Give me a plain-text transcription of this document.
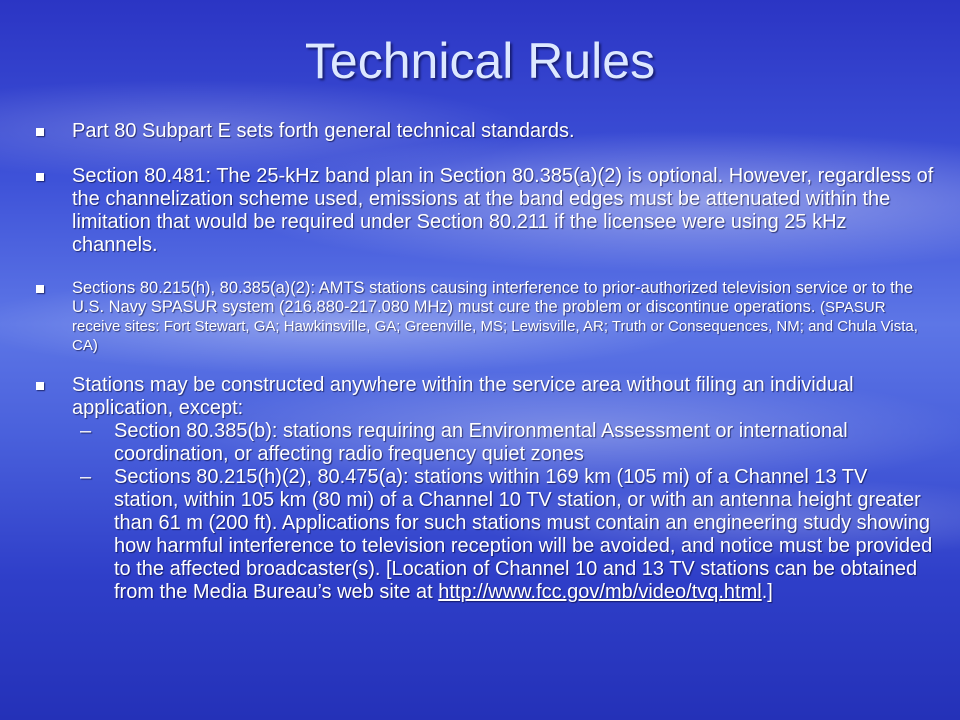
Technical Rules

Part 80 Subpart E sets forth general technical standards.

Section 80.481: The 25-kHz band plan in Section 80.385(a)(2) is optional. However, regardless of the channelization scheme used, emissions at the band edges must be attenuated within the limitation that would be required under Section 80.211 if the licensee were using 25 kHz channels.

Sections 80.215(h), 80.385(a)(2): AMTS stations causing interference to prior-authorized television service or to the U.S. Navy SPASUR system (216.880-217.080 MHz) must cure the problem or discontinue operations. (SPASUR receive sites: Fort Stewart, GA; Hawkinsville, GA; Greenville, MS; Lewisville, AR; Truth or Consequences, NM; and Chula Vista, CA)

Stations may be constructed anywhere within the service area without filing an individual application, except:

– Section 80.385(b): stations requiring an Environmental Assessment or international coordination, or affecting radio frequency quiet zones

– Sections 80.215(h)(2), 80.475(a): stations within 169 km (105 mi) of a Channel 13 TV station, within 105 km (80 mi) of a Channel 10 TV station, or with an antenna height greater than 61 m (200 ft). Applications for such stations must contain an engineering study showing how harmful interference to television reception will be avoided, and notice must be provided to the affected broadcaster(s). [Location of Channel 10 and 13 TV stations can be obtained from the Media Bureau’s web site at http://www.fcc.gov/mb/video/tvq.html.]
